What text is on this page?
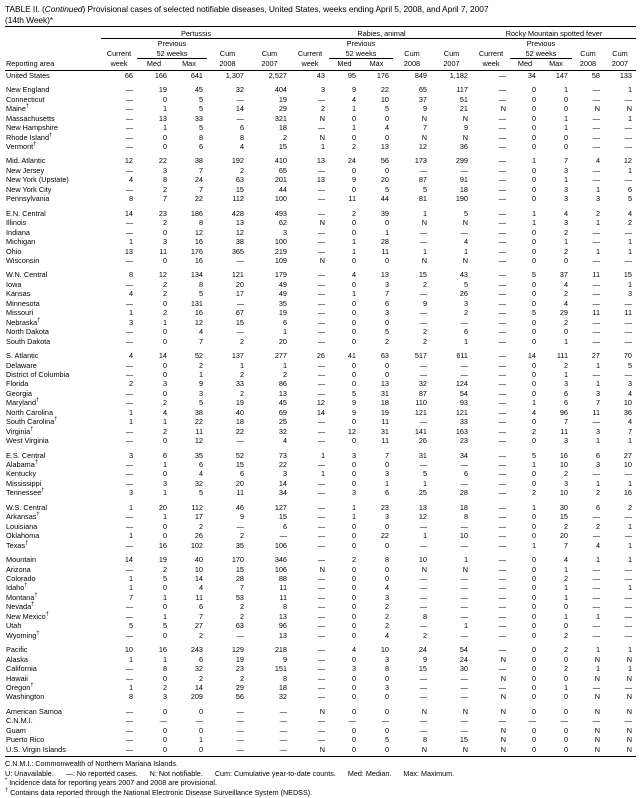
TABLE II. (Continued) Provisional cases of selected notifiable diseases, United States, weeks ending April 5, 2008, and April 7, 2007
(14th Week)*

	Pertussis					Rabies, animal					Rocky Mountain spotted fever				
		Previous					Previous					Previous			
	Current	52 weeks		Cum	Cum	Current	52 weeks		Cum	Cum	Current	52 weeks		Cum	Cum
Reporting area	week	Med	Max	2008	2007	week	Med	Max	2008	2007	week	Med	Max	2008	2007

United States	66	166	641	1,307	2,527	43	95	176	849	1,182	—	34	147	58	133

New England	—	19	45	32	404	3	9	22	65	117	—	0	1	—	1
Connecticut	—	0	5	—	19	—	4	10	37	51	—	0	0	—	—
Maine†	—	1	5	14	29	2	1	5	9	21	N	0	0	N	N
Massachusetts	—	13	33	—	321	N	0	0	N	N	—	0	1	—	1
New Hampshire	—	1	5	6	18	—	1	4	7	9	—	0	1	—	—
Rhode Island†	—	0	8	8	2	N	0	0	N	N	—	0	0	—	—
Vermont†	—	0	6	4	15	1	2	13	12	36	—	0	0	—	—

Mid. Atlantic	12	22	38	192	410	13	24	56	173	299	—	1	7	4	12
New Jersey	—	3	7	2	65	—	0	0	—	—	—	0	3	—	1
New York (Upstate)	4	8	24	63	201	13	9	20	87	91	—	0	1	—	—
New York City	—	2	7	15	44	—	0	5	5	18	—	0	3	1	6
Pennsylvania	8	7	22	112	100	—	11	44	81	190	—	0	3	3	5

E.N. Central	14	23	186	428	493	—	2	39	1	5	—	1	4	2	4
Illinois	—	2	8	13	62	N	0	0	N	N	—	1	3	1	2
Indiana	—	0	12	12	3	—	0	1	—	—	—	0	2	—	—
Michigan	1	3	16	38	100	—	1	28	—	4	—	0	1	—	1
Ohio	13	11	176	365	219	—	1	11	1	1	—	0	2	1	1
Wisconsin	—	0	16	—	109	N	0	0	N	N	—	0	0	—	—

W.N. Central	8	12	134	121	179	—	4	13	15	43	—	5	37	11	15
Iowa	—	2	8	20	49	—	0	3	2	5	—	0	4	—	1
Kansas	4	2	5	17	49	—	1	7	—	26	—	0	2	—	3
Minnesota	—	0	131	—	35	—	0	6	9	3	—	0	4	—	—
Missouri	1	2	16	67	19	—	0	3	—	2	—	5	29	11	11
Nebraska†	3	1	12	15	6	—	0	0	—	—	—	0	2	—	—
North Dakota	—	0	4	—	1	—	0	5	2	6	—	0	0	—	—
South Dakota	—	0	7	2	20	—	0	2	2	1	—	0	1	—	—

S. Atlantic	4	14	52	137	277	26	41	63	517	611	—	14	111	27	70
Delaware	—	0	2	1	1	—	0	0	—	—	—	0	2	1	5
District of Columbia	—	0	1	2	2	—	0	0	—	—	—	0	1	—	—
Florida	2	3	9	33	86	—	0	13	32	124	—	0	3	1	3
Georgia	—	0	3	2	13	—	5	31	87	54	—	0	6	3	4
Maryland†	—	2	5	19	45	12	9	18	110	93	—	1	6	7	10
North Carolina	1	4	38	40	69	14	9	19	121	121	—	4	96	11	36
South Carolina†	1	1	22	18	25	—	0	11	—	33	—	0	7	—	4
Virginia†	—	2	11	22	32	—	12	31	141	163	—	2	11	3	7
West Virginia	—	0	12	—	4	—	0	11	26	23	—	0	3	1	1

E.S. Central	3	6	35	52	73	1	3	7	31	34	—	5	16	6	27
Alabama†	—	1	6	15	22	—	0	0	—	—	—	1	10	3	10
Kentucky	—	0	4	6	3	1	0	3	5	6	—	0	2	—	—
Mississippi	—	3	32	20	14	—	0	1	1	—	—	0	3	1	1
Tennessee†	3	1	5	11	34	—	3	6	25	28	—	2	10	2	16

W.S. Central	1	20	112	46	127	—	1	23	13	18	—	1	30	6	2
Arkansas†	—	1	17	9	15	—	1	3	12	8	—	0	15	—	—
Louisiana	—	0	2	—	6	—	0	0	—	—	—	0	2	2	1
Oklahoma	1	0	26	2	—	—	0	22	1	10	—	0	20	—	—
Texas†	—	16	102	35	106	—	0	0	—	—	—	1	7	4	1

Mountain	14	19	40	170	346	—	2	8	10	1	—	0	4	1	1
Arizona	—	2	10	15	106	N	0	0	N	N	—	0	1	—	—
Colorado	1	5	14	28	88	—	0	0	—	—	—	0	2	—	—
Idaho†	1	0	4	7	11	—	0	4	—	—	—	0	1	—	1
Montana†	7	1	11	53	11	—	0	3	—	—	—	0	1	—	—
Nevada†	—	0	6	2	8	—	0	2	—	—	—	0	0	—	—
New Mexico†	—	1	7	2	13	—	0	2	8	—	—	0	1	1	—
Utah	5	5	27	63	96	—	0	2	—	1	—	0	0	—	—
Wyoming†	—	0	2	—	13	—	0	4	2	—	—	0	2	—	—

Pacific	10	16	243	129	218	—	4	10	24	54	—	0	2	1	1
Alaska	1	1	6	19	9	—	0	3	9	24	N	0	0	N	N
California	—	8	32	23	151	—	3	8	15	30	—	0	2	1	1
Hawaii	—	0	2	2	8	—	0	0	—	—	N	0	0	N	N
Oregon†	1	2	14	29	18	—	0	3	—	—	—	0	1	—	—
Washington	8	3	209	56	32	—	0	0	—	—	N	0	0	N	N

American Samoa	—	0	0	—	—	N	0	0	N	N	N	0	0	N	N
C.N.M.I.	—	—	—	—	—	—	—	—	—	—	—	—	—	—	—
Guam	—	0	0	—	—	—	0	0	—	—	N	0	0	N	N
Puerto Rico	—	0	1	—	—	—	0	5	8	15	N	0	0	N	N
U.S. Virgin Islands	—	0	0	—	—	N	0	0	N	N	N	0	0	N	N
C.N.M.I.: Commonwealth of Northern Mariana Islands.
U: Unavailable. —: No reported cases. N: Not notifiable. Cum: Cumulative year-to-date counts. Med: Median. Max: Maximum.
* Incidence data for reporting years 2007 and 2008 are provisional.
† Contains data reported through the National Electronic Disease Surveillance System (NEDSS).
